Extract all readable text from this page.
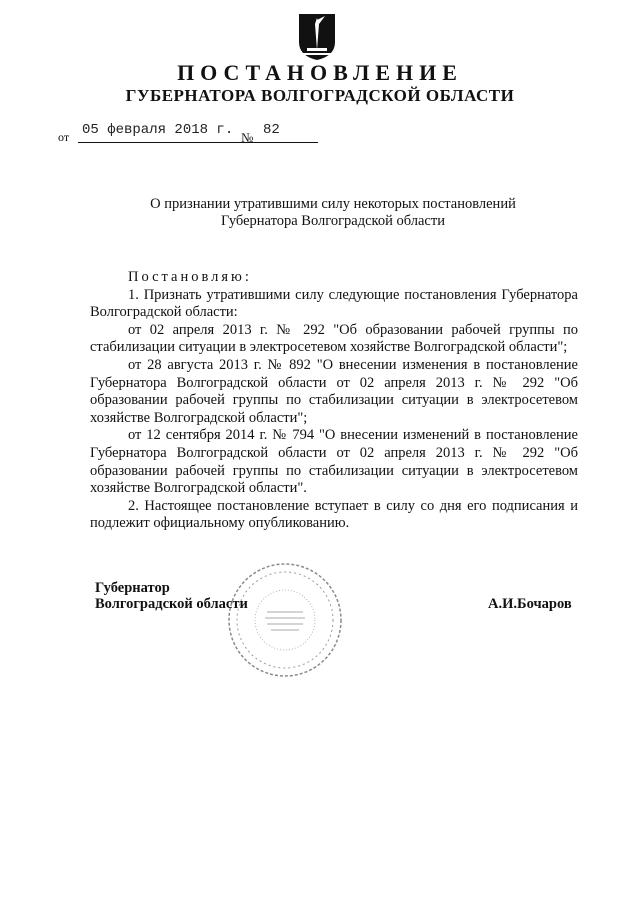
ПОСТАНОВЛЕНИЕ
ГУБЕРНАТОРА ВОЛГОГРАДСКОЙ ОБЛАСТИ
от 05 февраля 2018 г. № 82
О признании утратившими силу некоторых постановлений
Губернатора Волгоградской области

Постановляю:

1. Признать утратившими силу следующие постановления Губернатора Волгоградской области:

от 02 апреля 2013 г. № 292 "Об образовании рабочей группы по стабилизации ситуации в электросетевом хозяйстве Волгоградской области";

от 28 августа 2013 г. № 892 "О внесении изменения в постановление Губернатора Волгоградской области от 02 апреля 2013 г. № 292 "Об образовании рабочей группы по стабилизации ситуации в электросетевом хозяйстве Волгоградской области";

от 12 сентября 2014 г. № 794 "О внесении изменений в постановление Губернатора Волгоградской области от 02 апреля 2013 г. № 292 "Об образовании рабочей группы по стабилизации ситуации в электросетевом хозяйстве Волгоградской области".

2. Настоящее постановление вступает в силу со дня его подписания и подлежит официальному опубликованию.

Губернатор
Волгоградской области	А.И.Бочаров
